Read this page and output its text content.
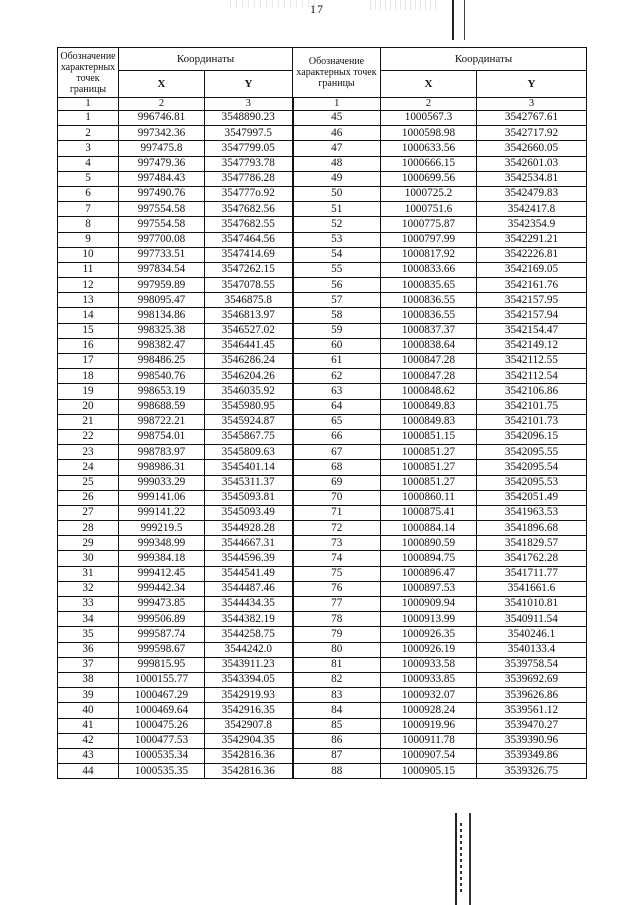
17
Обозначение характерных точек границы	Координаты		Обозначение характерных точек границы	Координаты	
	X	Y		X	Y
1	2	3	1	2	3
1	996746.81	3548890.23	45	1000567.3	3542767.61
2	997342.36	3547997.5	46	1000598.98	3542717.92
3	997475.8	3547799.05	47	1000633.56	3542660.05
4	997479.36	3547793.78	48	1000666.15	3542601.03
5	997484.43	3547786.28	49	1000699.56	3542534.81
6	997490.76	354777o.92	50	1000725.2	3542479.83
7	997554.58	3547682.56	51	1000751.6	3542417.8
8	997554.58	3547682.55	52	1000775.87	3542354.9
9	997700.08	3547464.56	53	1000797.99	3542291.21
10	997733.51	3547414.69	54	1000817.92	3542226.81
11	997834.54	3547262.15	55	1000833.66	3542169.05
12	997959.89	3547078.55	56	1000835.65	3542161.76
13	998095.47	3546875.8	57	1000836.55	3542157.95
14	998134.86	3546813.97	58	1000836.55	3542157.94
15	998325.38	3546527.02	59	1000837.37	3542154.47
16	998382.47	3546441.45	60	1000838.64	3542149.12
17	998486.25	3546286.24	61	1000847.28	3542112.55
18	998540.76	3546204.26	62	1000847.28	3542112.54
19	998653.19	3546035.92	63	1000848.62	3542106.86
20	998688.59	3545980.95	64	1000849.83	3542101.75
21	998722.21	3545924.87	65	1000849.83	3542101.73
22	998754.01	3545867.75	66	1000851.15	3542096.15
23	998783.97	3545809.63	67	1000851.27	3542095.55
24	998986.31	3545401.14	68	1000851.27	3542095.54
25	999033.29	3545311.37	69	1000851.27	3542095.53
26	999141.06	3545093.81	70	1000860.11	3542051.49
27	999141.22	3545093.49	71	1000875.41	3541963.53
28	999219.5	3544928.28	72	1000884.14	3541896.68
29	999348.99	3544667.31	73	1000890.59	3541829.57
30	999384.18	3544596.39	74	1000894.75	3541762.28
31	999412.45	3544541.49	75	1000896.47	3541711.77
32	999442.34	3544487.46	76	1000897.53	3541661.6
33	999473.85	3544434.35	77	1000909.94	3541010.81
34	999506.89	3544382.19	78	1000913.99	3540911.54
35	999587.74	3544258.75	79	1000926.35	3540246.1
36	999598.67	3544242.0	80	1000926.19	3540133.4
37	999815.95	3543911.23	81	1000933.58	3539758.54
38	1000155.77	3543394.05	82	1000933.85	3539692.69
39	1000467.29	3542919.93	83	1000932.07	3539626.86
40	1000469.64	3542916.35	84	1000928.24	3539561.12
41	1000475.26	3542907.8	85	1000919.96	3539470.27
42	1000477.53	3542904.35	86	1000911.78	3539390.96
43	1000535.34	3542816.36	87	1000907.54	3539349.86
44	1000535.35	3542816.36	88	1000905.15	3539326.75
